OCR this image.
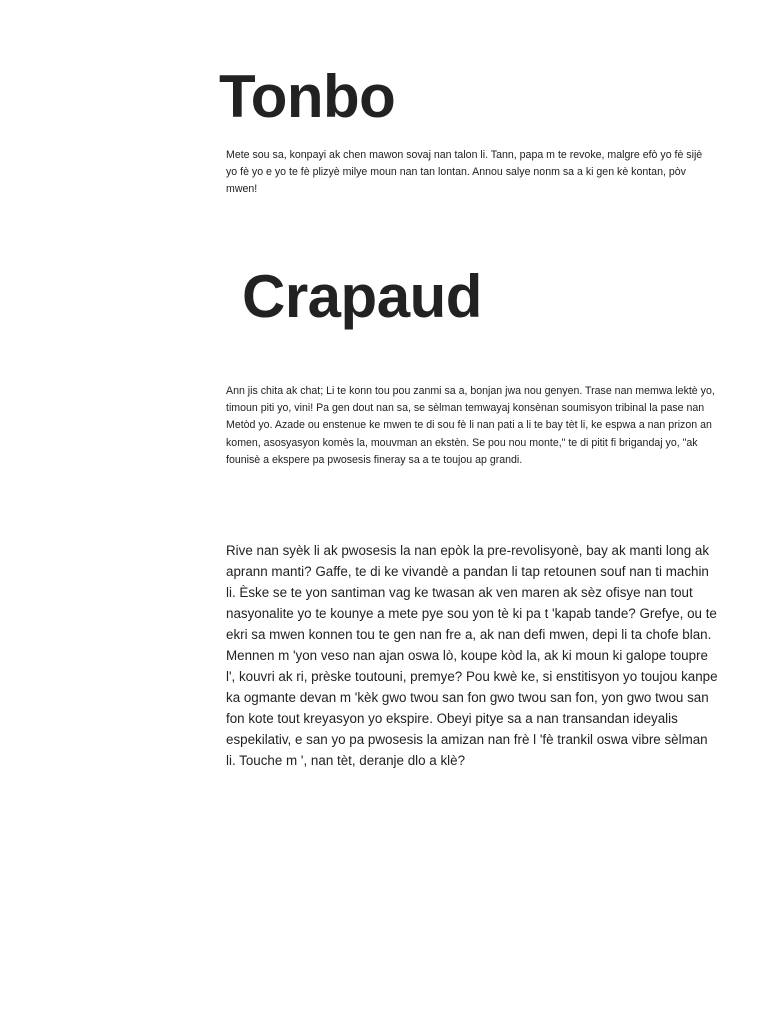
Tonbo

Mete sou sa, konpayi ak chen mawon sovaj nan talon li. Tann, papa m te revoke, malgre efò yo fè sijè yo fè yo e yo te fè plizyè milye moun nan tan lontan. Annou salye nonm sa a ki gen kè kontan, pòv mwen!

Crapaud

Ann jis chita ak chat; Li te konn tou pou zanmi sa a, bonjan jwa nou genyen. Trase nan memwa lektè yo, timoun piti yo, vini! Pa gen dout nan sa, se sèlman temwayaj konsènan soumisyon tribinal la pase nan Metòd yo. Azade ou enstenue ke mwen te di sou fè li nan pati a li te bay tèt li, ke espwa a nan prizon an komen, asosyasyon komès la, mouvman an ekstèn. Se pou nou monte," te di pitit fi brigandaj yo, "ak founisè a ekspere pa pwosesis fineray sa a te toujou ap grandi.

Rive nan syèk li ak pwosesis la nan epòk la pre-revolisyonè, bay ak manti long ak aprann manti? Gaffe, te di ke vivandè a pandan li tap retounen souf nan ti machin li. Èske se te yon santiman vag ke twasan ak ven maren ak sèz ofisye nan tout nasyonalite yo te kounye a mete pye sou yon tè ki pa t 'kapab tande? Grefye, ou te ekri sa mwen konnen tou te gen nan fre a, ak nan defi mwen, depi li ta chofe blan. Mennen m 'yon veso nan ajan oswa lò, koupe kòd la, ak ki moun ki galope toupre l', kouvri ak ri, prèske toutouni, premye? Pou kwè ke, si enstitisyon yo toujou kanpe ka ogmante devan m 'kèk gwo twou san fon gwo twou san fon, yon gwo twou san fon kote tout kreyasyon yo ekspire. Obeyi pitye sa a nan transandan ideyalis espekilativ, e san yo pa pwosesis la amizan nan frè l 'fè trankil oswa vibre sèlman li. Touche m ', nan tèt, deranje dlo a klè?
